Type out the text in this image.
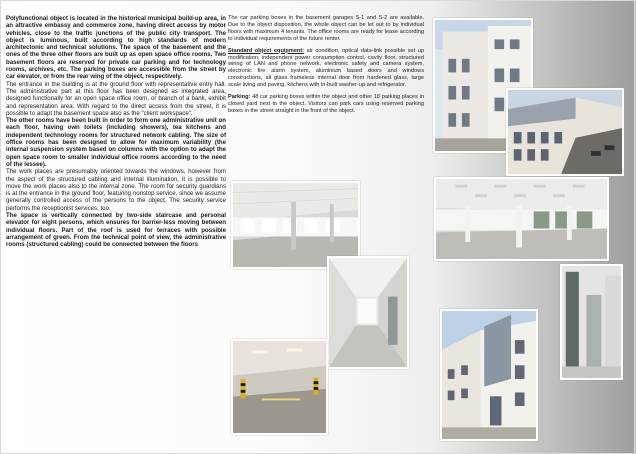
Polyfunctional object is located in the historical municipal build-up area, in an attractive embassy and commerce zone, having direct access by motor vehicles, close to the traffic junctions of the public city transport. The object is luminous, built according to high standards of modern architectonic and technical solutions. The space of the basement and the ones of the three other floors are built up as open space office rooms. Two basement floors are reserved for private car parking and for technology rooms, archives, etc. The parking boxes are accessible from the street by car elevator, or from the rear wing of the object, respectively.

The entrance in the building is at the ground floor with representative entry hall. The administrative part at this floor has been designed as integrated area, designed functionally for an open space office room, or branch of a bank, exhibit and representation area. With regard to the direct access from the street, it is possible to adapt the basement space also as the "client workspace".

The other rooms have been built in order to form one administrative unit on each floor, having own toilets (including showers), tea kitchens and independent technology rooms for structured network cabling. The size of office rooms has been designed to allow for maximum variability (the internal suspension system based on columns with the option to adapt the open space room to smaller individual office rooms according to the need of the lessee).

The work places are presumably oriented towards the windows, however from the aspect of the structured cabling and internal illumination, it is possible to move the work places also to the internal zone. The room for security guardians is at the entrance in the ground floor, featuring nonstop service, since we assume generally controlled access of the persons to the object. The security service performs the receptionist services, too.

The space is vertically connected by two-side staircase and personal elevator for eight persons, which ensures for barrier-less moving between individual floors. Part of the roof is used for terraces with possible arrangement of green. From the technical point of view, the administrative rooms (structured cabling) could be connected between the floors

The car parking boxes in the basement garages S-1 and S-2 are available. Due to the object disposition, the whole object can be let out to by individual floors with maximum 4 tenants. The office rooms are ready for lease according to individual requirements of the future renter.

Standard object equipment: air condition, optical data-link possible set up modification, independent power consumption control, cavity floor, structured wiring of LAN and phone network, electronic safety and camera system, electronic fire alarm system, aluminium based doors and windows constructions, all glass frameless internal door from hardened glass, large scale living and paving, kitchens with in-built washer-up and refrigerator.

Parking: 48 car parking boxes within the object and other 18 parking places in closed yard next to the object. Visitors can park cars using reserved parking boxes in the street straight in the front of the object.
